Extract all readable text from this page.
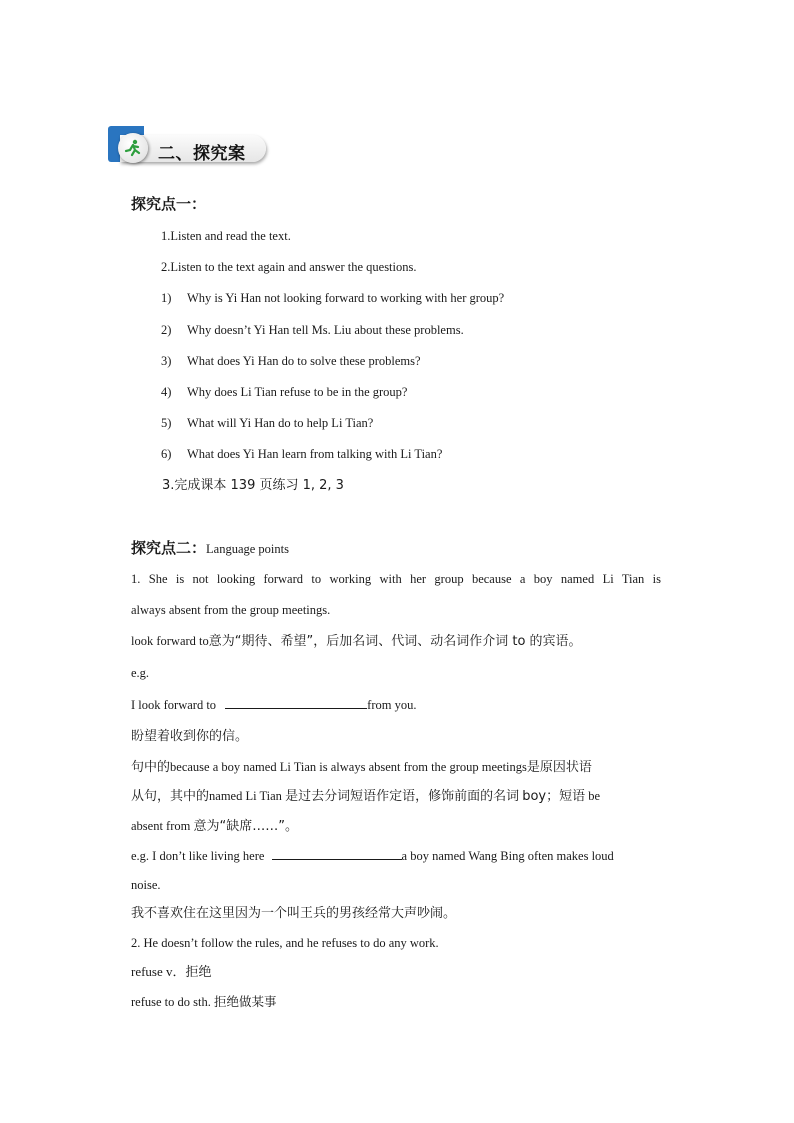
二、探究案
探究点一：
1.Listen and read the text.
2.Listen to the text again and answer the questions.
1) Why is Yi Han not looking forward to working with her group?
2) Why doesn’t Yi Han tell Ms. Liu about these problems.
3) What does Yi Han do to solve these problems?
4) Why does Li Tian refuse to be in the group?
5) What will Yi Han do to help Li Tian?
6) What does Yi Han learn from talking with Li Tian?
3.完成课本 139 页练习 1, 2, 3
探究点二：Language points
1. She is not looking forward to working with her group because a boy named Li Tian is
always absent from the group meetings.
look forward to意为“期待、希望”，后加名词、代词、动名词作介词 to 的宾语。
e.g.
I look forward to	from you.
盼望着收到你的信。
句中的because a boy named Li Tian is always absent from the group meetings是原因状语
从句，其中的named Li Tian 是过去分词短语作定语，修饰前面的名词 boy；短语 be
absent from 意为“缺席……”。
e.g. I don’t like living here	a boy named Wang Bing often makes loud
noise.
我不喜欢住在这里因为一个叫王兵的男孩经常大声吵闹。
2. He doesn’t follow the rules, and he refuses to do any work.
refuse v．拒绝
refuse to do sth. 拒绝做某事
